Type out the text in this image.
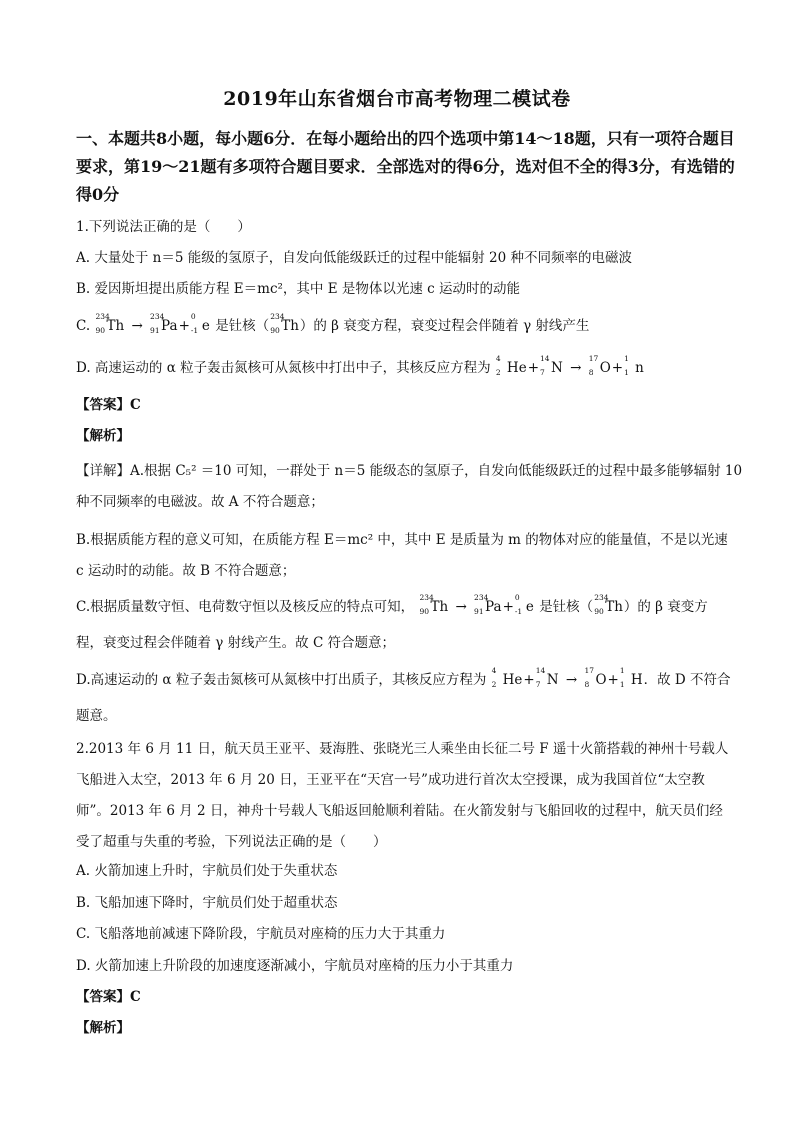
2019年山东省烟台市高考物理二模试卷
一、本题共8小题，每小题6分．在每小题给出的四个选项中第14～18题，只有一项符合题目要求，第19～21题有多项符合题目要求．全部选对的得6分，选对但不全的得3分，有选错的得0分
1.下列说法正确的是（　　）
A. 大量处于 n＝5 能级的氢原子，自发向低能级跃迁的过程中能辐射 20 种不同频率的电磁波
B. 爱因斯坦提出质能方程 E＝mc²，其中 E 是物体以光速 c 运动时的动能
C.
234
90 Th →
234
91 Pa+
0
-1 e 是钍核（
234
90 Th）的 β 衰变方程，衰变过程会伴随着 γ 射线产生
D. 高速运动的 α 粒子轰击氮核可从氮核中打出中子，其核反应方程为
4
2 He+
14
7 N →
17
8 O+
1
1 n
【答案】C
【解析】
【详解】A.根据 C₅² ＝10 可知，一群处于 n＝5 能级态的氢原子，自发向低能级跃迁的过程中最多能够辐射 10
种不同频率的电磁波。故 A 不符合题意；
B.根据质能方程的意义可知，在质能方程 E＝mc² 中，其中 E 是质量为 m 的物体对应的能量值，不是以光速
c 运动时的动能。故 B 不符合题意；
C.根据质量数守恒、电荷数守恒以及核反应的特点可知，
234
90 Th →
234
91 Pa+
0
-1 e 是钍核（
234
90 Th）的 β 衰变方
程，衰变过程会伴随着 γ 射线产生。故 C 符合题意；
D.高速运动的 α 粒子轰击氮核可从氮核中打出质子，其核反应方程为
4
2 He+
14
7 N →
17
8 O+
1
1 H．故 D 不符合
题意。
2.2013 年 6 月 11 日，航天员王亚平、聂海胜、张晓光三人乘坐由长征二号 F 遥十火箭搭载的神州十号载人飞船进入太空，2013 年 6 月 20 日，王亚平在“天宫一号”成功进行首次太空授课，成为我国首位“太空教师”。2013 年 6 月 2 日，神舟十号载人飞船返回舱顺利着陆。在火箭发射与飞船回收的过程中，航天员们经受了超重与失重的考验，下列说法正确的是（　　）
A. 火箭加速上升时，宇航员们处于失重状态
B. 飞船加速下降时，宇航员们处于超重状态
C. 飞船落地前减速下降阶段，宇航员对座椅的压力大于其重力
D. 火箭加速上升阶段的加速度逐渐减小，宇航员对座椅的压力小于其重力
【答案】C
【解析】
